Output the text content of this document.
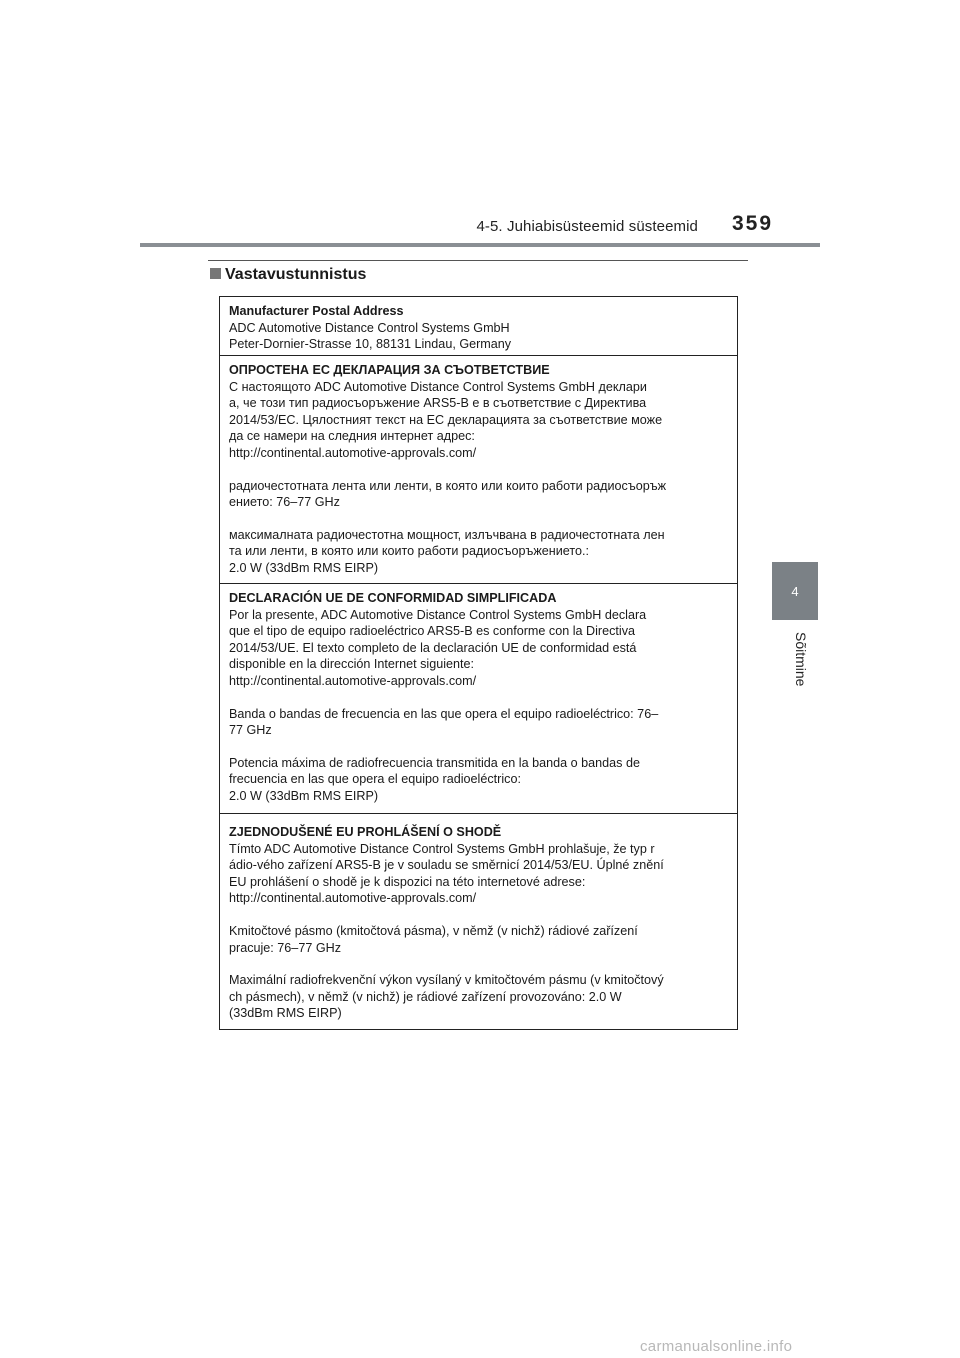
4-5. Juhiabisüsteemid süsteemid 359
4
Sõitmine
Vastavustunnistus
Manufacturer Postal Address
ADC Automotive Distance Control Systems GmbH
Peter-Dornier-Strasse 10, 88131 Lindau, Germany
ОПРОСТЕНА ЕС ДЕКЛАРАЦИЯ ЗА СЪОТВЕТСТВИЕ
С настоящото ADC Automotive Distance Control Systems GmbH деклари
а, че този тип радиосъоръжение ARS5-B е в съответствие с Директива
2014/53/ЕС. Цялостният текст на ЕС декларацията за съответствие може
да се намери на следния интернет адрес:
http://continental.automotive-approvals.com/
радиочестотната лента или ленти, в която или които работи радиосъоръж
ението: 76–77 GHz
максималната радиочестотна мощност, излъчвана в радиочестотната лен
та или ленти, в която или които работи радиосъоръжението.:
2.0 W (33dBm RMS EIRP)
DECLARACIÓN UE DE CONFORMIDAD SIMPLIFICADA
Por la presente, ADC Automotive Distance Control Systems GmbH declara
que el tipo de equipo radioeléctrico ARS5-B es conforme con la Directiva
2014/53/UE. El texto completo de la declaración UE de conformidad está
disponible en la dirección Internet siguiente:
http://continental.automotive-approvals.com/
Banda o bandas de frecuencia en las que opera el equipo radioeléctrico: 76–
77 GHz
Potencia máxima de radiofrecuencia transmitida en la banda o bandas de
frecuencia en las que opera el equipo radioeléctrico:
2.0 W (33dBm RMS EIRP)
ZJEDNODUŠENÉ EU PROHLÁŠENÍ O SHODĚ
Tímto ADC Automotive Distance Control Systems GmbH prohlašuje, že typ r
ádio-vého zařízení ARS5-B je v souladu se směrnicí 2014/53/EU. Úplné znění
EU prohlášení o shodě je k dispozici na této internetové adrese:
http://continental.automotive-approvals.com/
Kmitočtové pásmo (kmitočtová pásma), v němž (v nichž) rádiové zařízení
pracuje: 76–77 GHz
Maximální radiofrekvenční výkon vysílaný v kmitočtovém pásmu (v kmitočtový
ch pásmech), v němž (v nichž) je rádiové zařízení provozováno: 2.0 W
(33dBm RMS EIRP)
carmanualsonline.info
